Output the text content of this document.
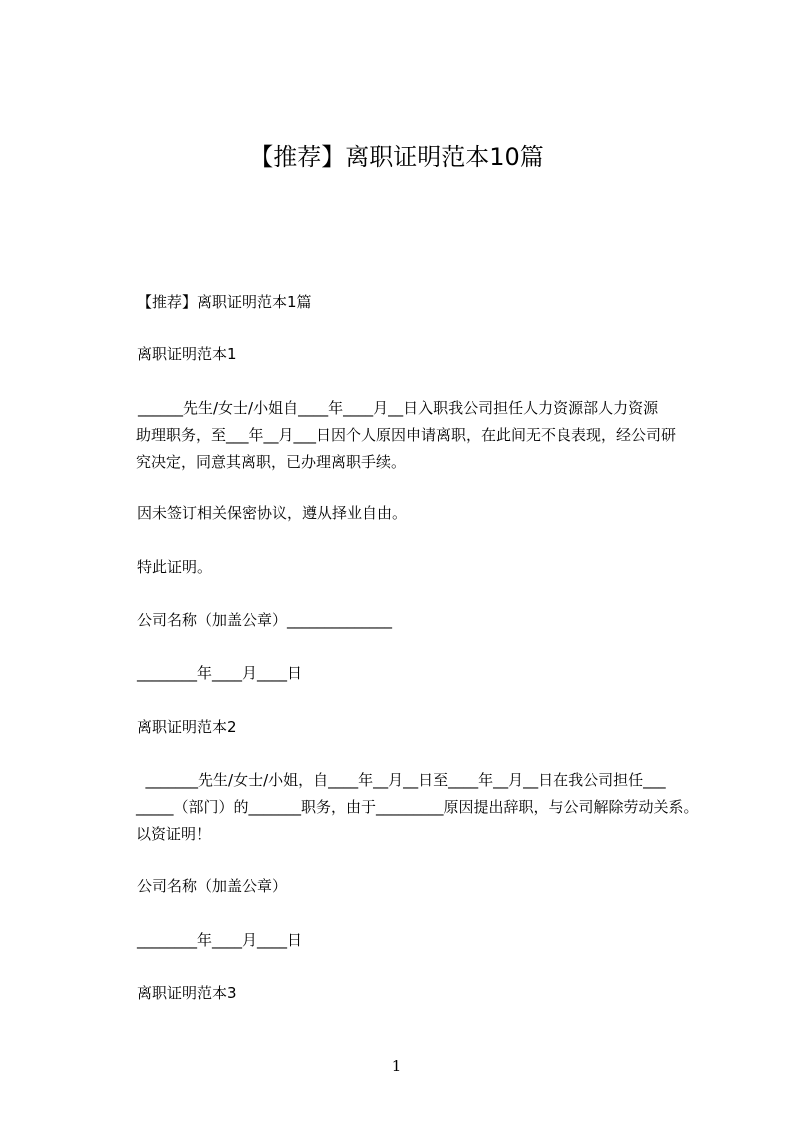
【推荐】离职证明范本10篇
【推荐】离职证明范本1篇
离职证明范本1
______先生/女士/小姐自____年____月__日入职我公司担任人力资源部人力资源
助理职务，至___年__月___日因个人原因申请离职，在此间无不良表现，经公司研
究决定，同意其离职，已办理离职手续。
因未签订相关保密协议，遵从择业自由。
特此证明。
公司名称（加盖公章）______________
________年____月____日
离职证明范本2
_______先生/女士/小姐，自____年__月__日至____年__月__日在我公司担任___
_____（部门）的_______职务，由于_________原因提出辞职，与公司解除劳动关系。
以资证明！
公司名称（加盖公章）
________年____月____日
离职证明范本3
1
